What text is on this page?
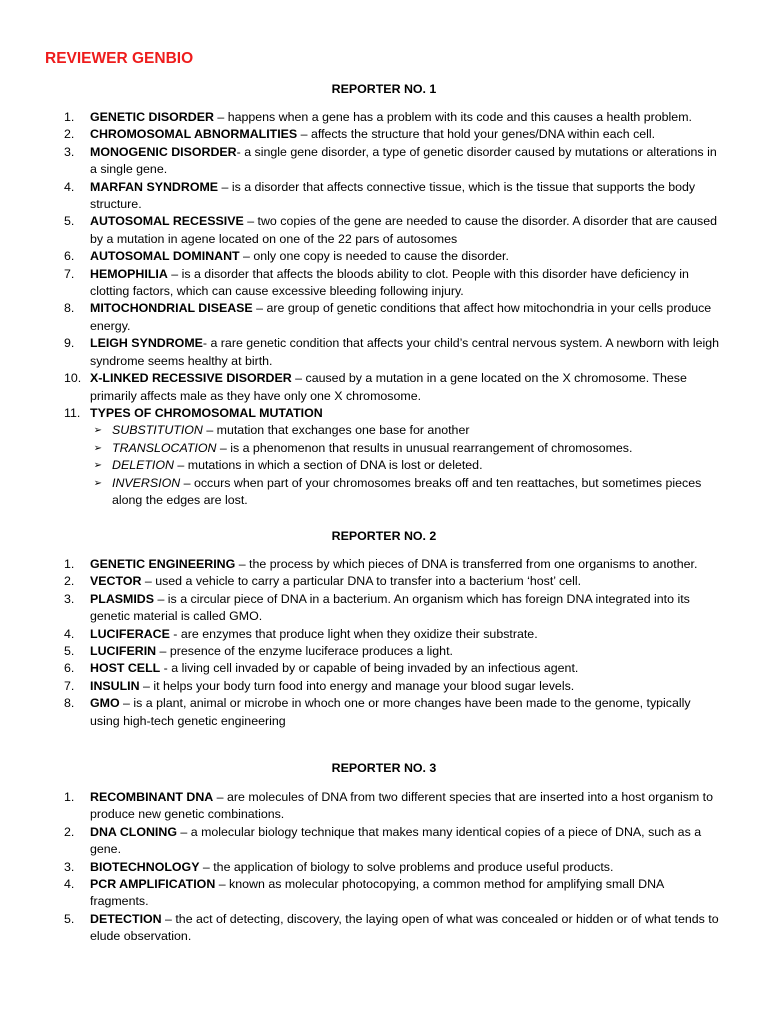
REVIEWER GENBIO
REPORTER NO. 1
1.	GENETIC DISORDER – happens when a gene has a problem with its code and this causes a health problem.
2.	CHROMOSOMAL ABNORMALITIES – affects the structure that hold your genes/DNA within each cell.
3.	MONOGENIC DISORDER- a single gene disorder, a type of genetic disorder caused by mutations or alterations in a single gene.
4.	MARFAN SYNDROME – is a disorder that affects connective tissue, which is the tissue that supports the body structure.
5.	AUTOSOMAL RECESSIVE – two copies of the gene are needed to cause the disorder. A disorder that are caused by a mutation in agene located on one of the 22 pars of autosomes
6.	AUTOSOMAL DOMINANT – only one copy is needed to cause the disorder.
7.	HEMOPHILIA – is a disorder that affects the bloods ability to clot. People with this disorder have deficiency in clotting factors, which can cause excessive bleeding following injury.
8.	MITOCHONDRIAL DISEASE – are group of genetic conditions that affect how mitochondria in your cells produce energy.
9.	LEIGH SYNDROME- a rare genetic condition that affects your child’s central nervous system. A newborn with leigh syndrome seems healthy at birth.
10. X-LINKED RECESSIVE DISORDER – caused by a mutation in a gene located on the X chromosome. These primarily affects male as they have only one X chromosome.
11. TYPES OF CHROMOSOMAL MUTATION
➢ SUBSTITUTION – mutation that exchanges one base for another
➢ TRANSLOCATION – is a phenomenon that results in unusual rearrangement of chromosomes.
➢ DELETION – mutations in which a section of DNA is lost or deleted.
➢ INVERSION – occurs when part of your chromosomes breaks off and ten reattaches, but sometimes pieces along the edges are lost.
REPORTER NO. 2
1.	GENETIC ENGINEERING – the process by which pieces of DNA is transferred from one organisms to another.
2.	VECTOR – used a vehicle to carry a particular DNA to transfer into a bacterium ‘host’ cell.
3.	PLASMIDS – is a circular piece of DNA in a bacterium. An organism which has foreign DNA integrated into its genetic material is called GMO.
4.	LUCIFERACE - are enzymes that produce light when they oxidize their substrate.
5.	LUCIFERIN – presence of the enzyme luciferace produces a light.
6.	HOST CELL - a living cell invaded by or capable of being invaded by an infectious agent.
7.	INSULIN – it helps your body turn food into energy and manage your blood sugar levels.
8.	GMO – is a plant, animal or microbe in whoch one or more changes have been made to the genome, typically using high-tech genetic engineering
REPORTER NO. 3
1.	RECOMBINANT DNA – are molecules of DNA from two different species that are inserted into a host organism to produce new genetic combinations.
2.	DNA CLONING – a molecular biology technique that makes many identical copies of a piece of DNA, such as a gene.
3.	BIOTECHNOLOGY – the application of biology to solve problems and produce useful products.
4.	PCR AMPLIFICATION – known as molecular photocopying, a common method for amplifying small DNA fragments.
5.	DETECTION – the act of detecting, discovery, the laying open of what was concealed or hidden or of what tends to elude observation.
